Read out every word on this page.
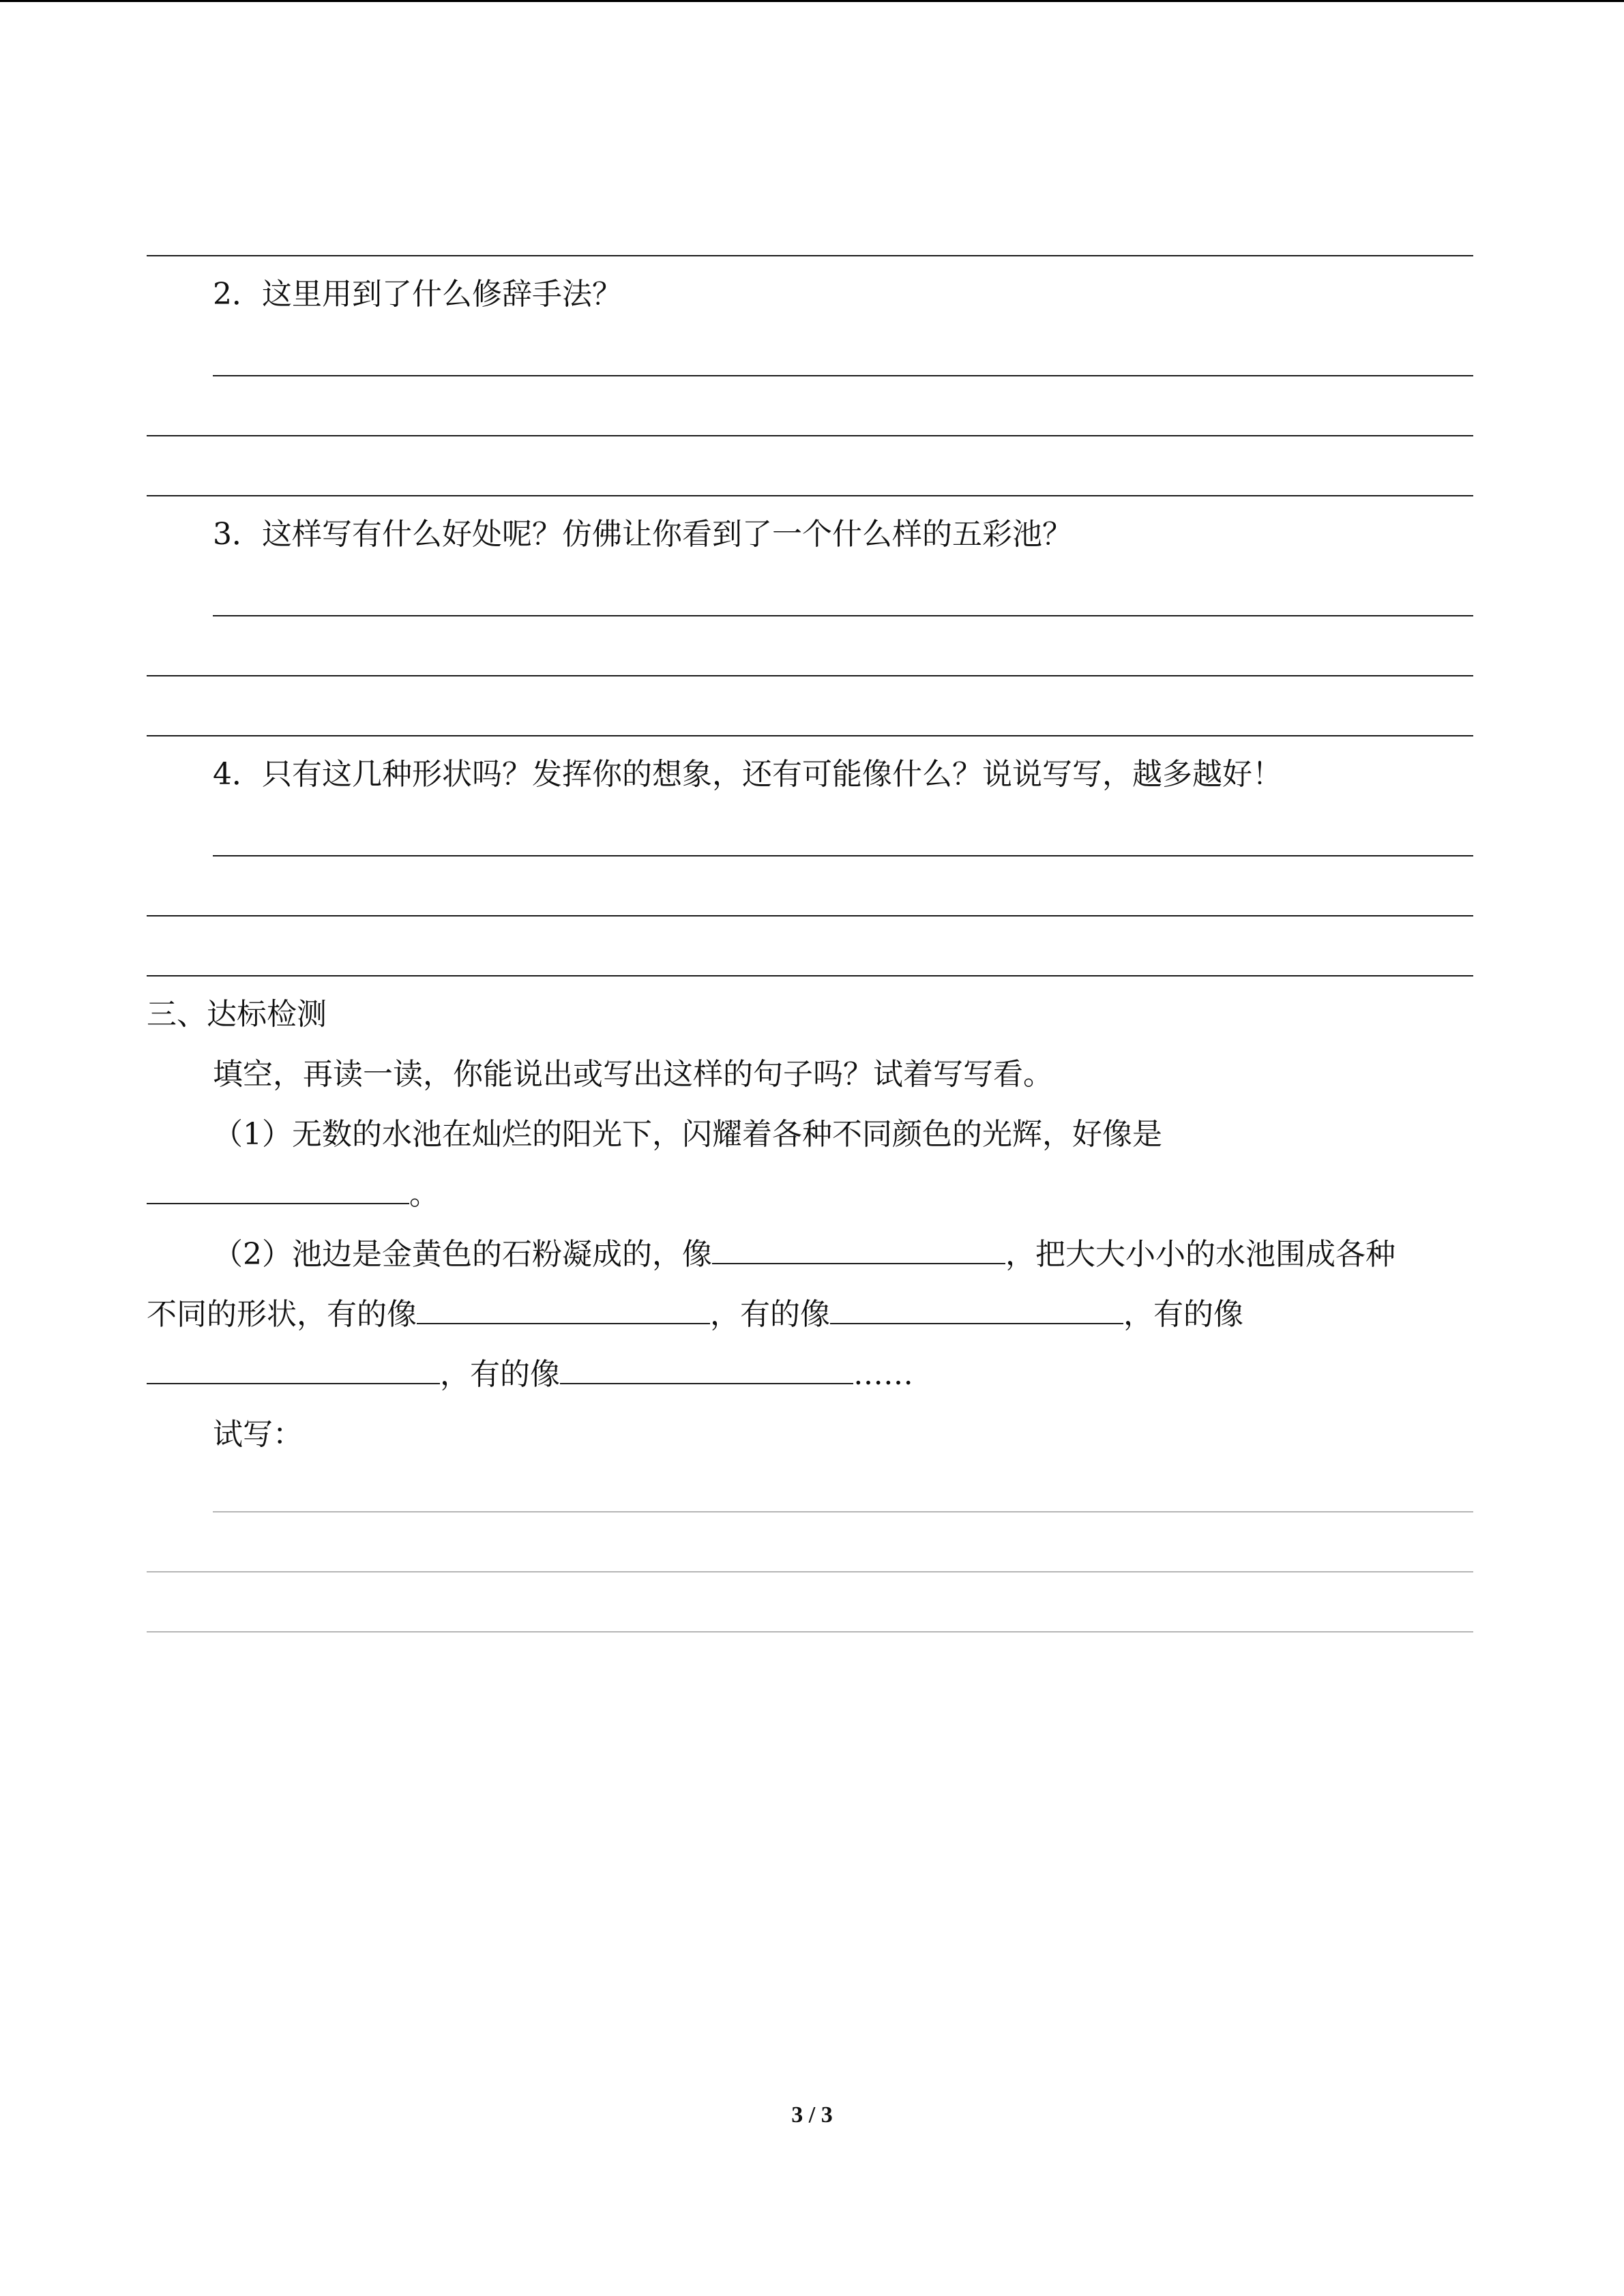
2．这里用到了什么修辞手法？
3．这样写有什么好处呢？仿佛让你看到了一个什么样的五彩池？
4．只有这几种形状吗？发挥你的想象，还有可能像什么？说说写写，越多越好！
三、达标检测
填空，再读一读，你能说出或写出这样的句子吗？试着写写看。
（1）无数的水池在灿烂的阳光下，闪耀着各种不同颜色的光辉，好像是
。
（2）池边是金黄色的石粉凝成的，像	，把大大小小的水池围成各种
不同的形状，有的像	，有的像	，有的像
，有的像	……
试写：
3 / 3
